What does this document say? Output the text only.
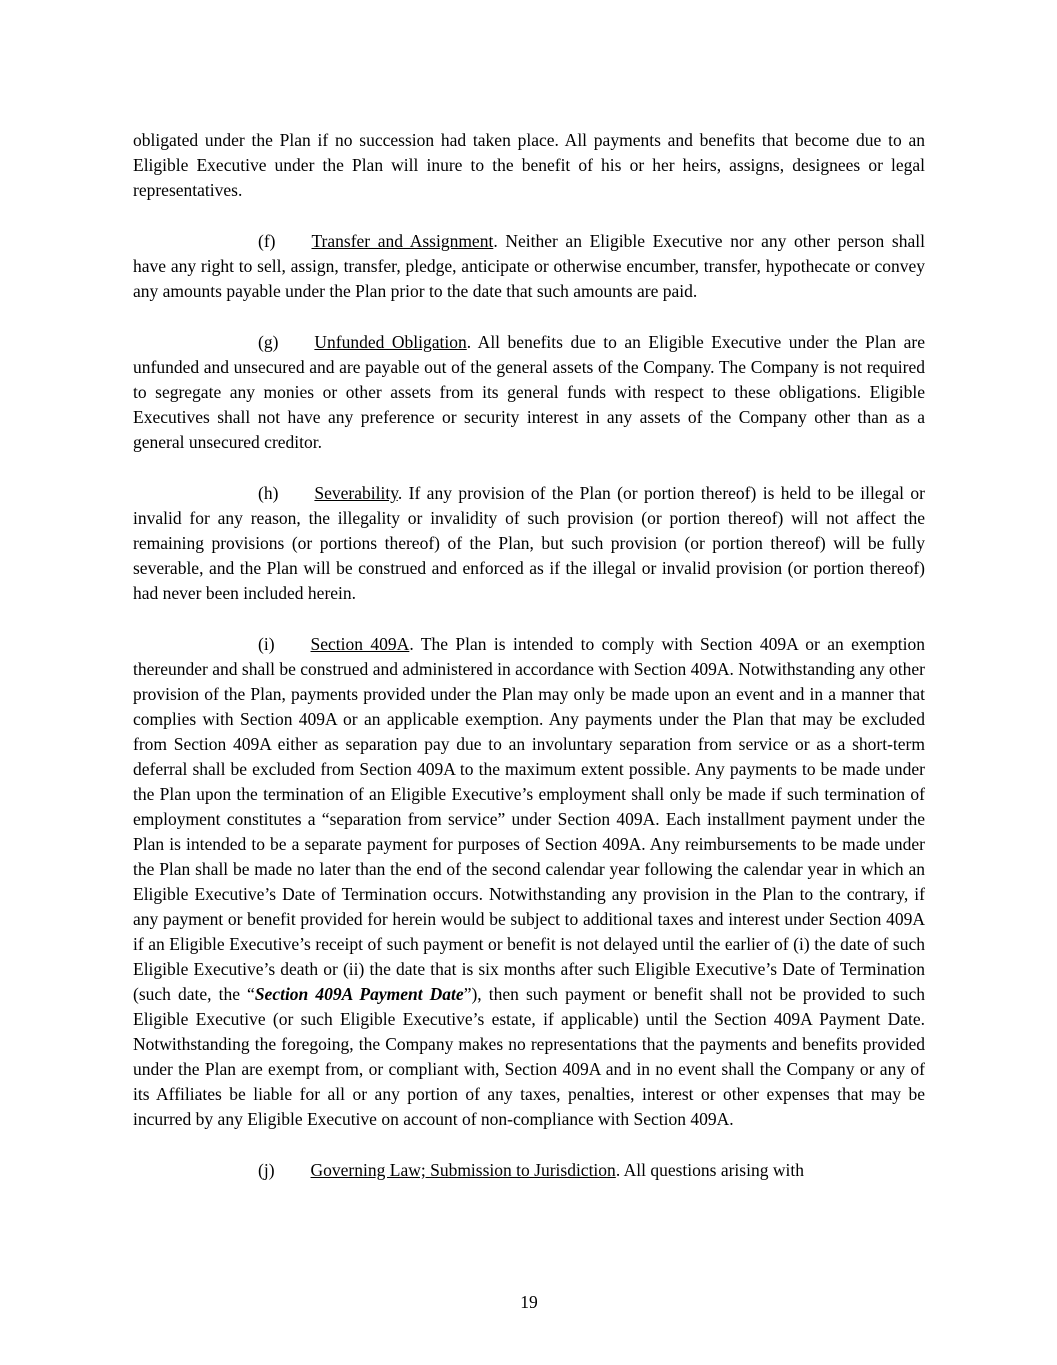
obligated under the Plan if no succession had taken place. All payments and benefits that become due to an Eligible Executive under the Plan will inure to the benefit of his or her heirs, assigns, designees or legal representatives.

(f) Transfer and Assignment. Neither an Eligible Executive nor any other person shall have any right to sell, assign, transfer, pledge, anticipate or otherwise encumber, transfer, hypothecate or convey any amounts payable under the Plan prior to the date that such amounts are paid.

(g) Unfunded Obligation. All benefits due to an Eligible Executive under the Plan are unfunded and unsecured and are payable out of the general assets of the Company. The Company is not required to segregate any monies or other assets from its general funds with respect to these obligations. Eligible Executives shall not have any preference or security interest in any assets of the Company other than as a general unsecured creditor.

(h) Severability. If any provision of the Plan (or portion thereof) is held to be illegal or invalid for any reason, the illegality or invalidity of such provision (or portion thereof) will not affect the remaining provisions (or portions thereof) of the Plan, but such provision (or portion thereof) will be fully severable, and the Plan will be construed and enforced as if the illegal or invalid provision (or portion thereof) had never been included herein.

(i) Section 409A. The Plan is intended to comply with Section 409A or an exemption thereunder and shall be construed and administered in accordance with Section 409A. Notwithstanding any other provision of the Plan, payments provided under the Plan may only be made upon an event and in a manner that complies with Section 409A or an applicable exemption. Any payments under the Plan that may be excluded from Section 409A either as separation pay due to an involuntary separation from service or as a short-term deferral shall be excluded from Section 409A to the maximum extent possible. Any payments to be made under the Plan upon the termination of an Eligible Executive’s employment shall only be made if such termination of employment constitutes a “separation from service” under Section 409A. Each installment payment under the Plan is intended to be a separate payment for purposes of Section 409A. Any reimbursements to be made under the Plan shall be made no later than the end of the second calendar year following the calendar year in which an Eligible Executive’s Date of Termination occurs. Notwithstanding any provision in the Plan to the contrary, if any payment or benefit provided for herein would be subject to additional taxes and interest under Section 409A if an Eligible Executive’s receipt of such payment or benefit is not delayed until the earlier of (i) the date of such Eligible Executive’s death or (ii) the date that is six months after such Eligible Executive’s Date of Termination (such date, the “Section 409A Payment Date”), then such payment or benefit shall not be provided to such Eligible Executive (or such Eligible Executive’s estate, if applicable) until the Section 409A Payment Date. Notwithstanding the foregoing, the Company makes no representations that the payments and benefits provided under the Plan are exempt from, or compliant with, Section 409A and in no event shall the Company or any of its Affiliates be liable for all or any portion of any taxes, penalties, interest or other expenses that may be incurred by any Eligible Executive on account of non-compliance with Section 409A.

(j) Governing Law; Submission to Jurisdiction. All questions arising with

19
